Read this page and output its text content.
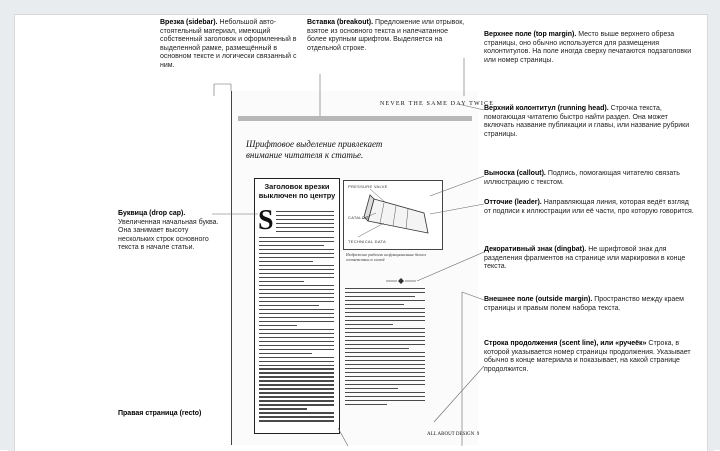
Врезка (sidebar). Небольшой авто-стоятельный материал, имеющий собственный заголовок и оформленный в выделенной рамке, размещённый в основном тексте и логически связанный с ним.
Вставка (breakout). Предложение или отрывок, взятое из основного текста и напечатанное более крупным шрифтом. Выделяется на отдельной строке.
Верхнее поле (top margin). Место выше верхнего обреза страницы, оно обычно используется для размещения колонтитулов. На поле иногда сверху печатаются подзаголовки или номер страницы.
Верхний колонтитул (running head). Строчка текста, помогающая читателю быстро найти раздел. Она может включать название публикации и главы, или название рубрики страницы.
Выноска (callout). Подпись, помогающая читателю связать иллюстрацию с текстом.
Отточие (leader). Направляющая линия, которая ведёт взгляд от подписи к иллюстрации или её части, про которую говорится.
Декоративный знак (dingbat). Не шрифтовой знак для разделения фрагментов на странице или маркировки в конце текста.
Буквица (drop cap). Увеличенная начальная буква. Она занимает высоту нескольких строк основного текста в начале статьи.
Внешнее поле (outside margin). Пространство между краем страницы и правым полем набора текста.
Строка продолжения (scent line), или «ручеёк» Строка, в которой указывается номер страницы продолжения. Указывает обычно в конце материала и показывает, на какой странице продолжится.
Правая страница (recto)
NEVER THE SAME DAY TWICE
Шрифтовое выделение привлекает внимание читателя к статье.
Заголовок врезки выключен по центру
S
PRESSURE VALVE
CATALOG
TECHNICAL DATA
Изображение разделено на функциональные блоки в соответствии со схемой
ALL ABOUT DESIGN 9
